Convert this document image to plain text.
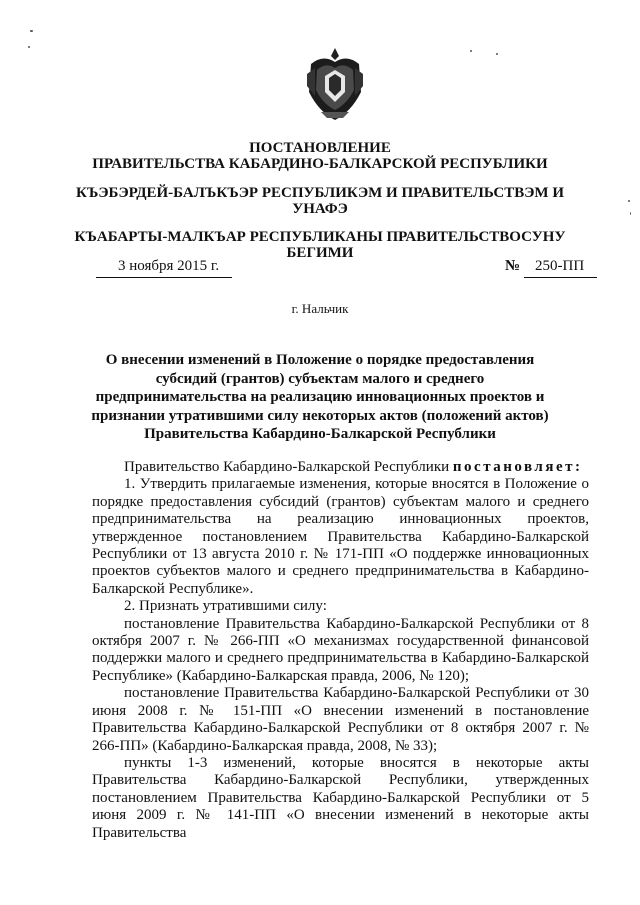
ПОСТАНОВЛЕНИЕ
ПРАВИТЕЛЬСТВА КАБАРДИНО-БАЛКАРСКОЙ РЕСПУБЛИКИ
КЪЭБЭРДЕЙ-БАЛЪКЪЭР РЕСПУБЛИКЭМ И ПРАВИТЕЛЬСТВЭМ И
УНАФЭ
КЪАБАРТЫ-МАЛКЪАР РЕСПУБЛИКАНЫ ПРАВИТЕЛЬСТВОСУНУ
БЕГИМИ
3 ноября 2015 г.	№ 250-ПП
г. Нальчик
О внесении изменений в Положение о порядке предоставления
субсидий (грантов) субъектам малого и среднего
предпринимательства на реализацию инновационных проектов и
признании утратившими силу некоторых актов (положений актов)
Правительства Кабардино-Балкарской Республики

Правительство Кабардино-Балкарской Республики постановляет:

1. Утвердить прилагаемые изменения, которые вносятся в Положение о порядке предоставления субсидий (грантов) субъектам малого и среднего предпринимательства на реализацию инновационных проектов, утвержденное постановлением Правительства Кабардино-Балкарской Республики от 13 августа 2010 г. № 171-ПП «О поддержке инновационных проектов субъектов малого и среднего предпринимательства в Кабардино-Балкарской Республике».

2. Признать утратившими силу:

постановление Правительства Кабардино-Балкарской Республики от 8 октября 2007 г. № 266-ПП «О механизмах государственной финансовой поддержки малого и среднего предпринимательства в Кабардино-Балкарской Республике» (Кабардино-Балкарская правда, 2006, № 120);

постановление Правительства Кабардино-Балкарской Республики от 30 июня 2008 г. № 151-ПП «О внесении изменений в постановление Правительства Кабардино-Балкарской Республики от 8 октября 2007 г. № 266-ПП» (Кабардино-Балкарская правда, 2008, № 33);

пункты 1-3 изменений, которые вносятся в некоторые акты Правительства Кабардино-Балкарской Республики, утвержденных постановлением Правительства Кабардино-Балкарской Республики от 5 июня 2009 г. № 141-ПП «О внесении изменений в некоторые акты Правительства
